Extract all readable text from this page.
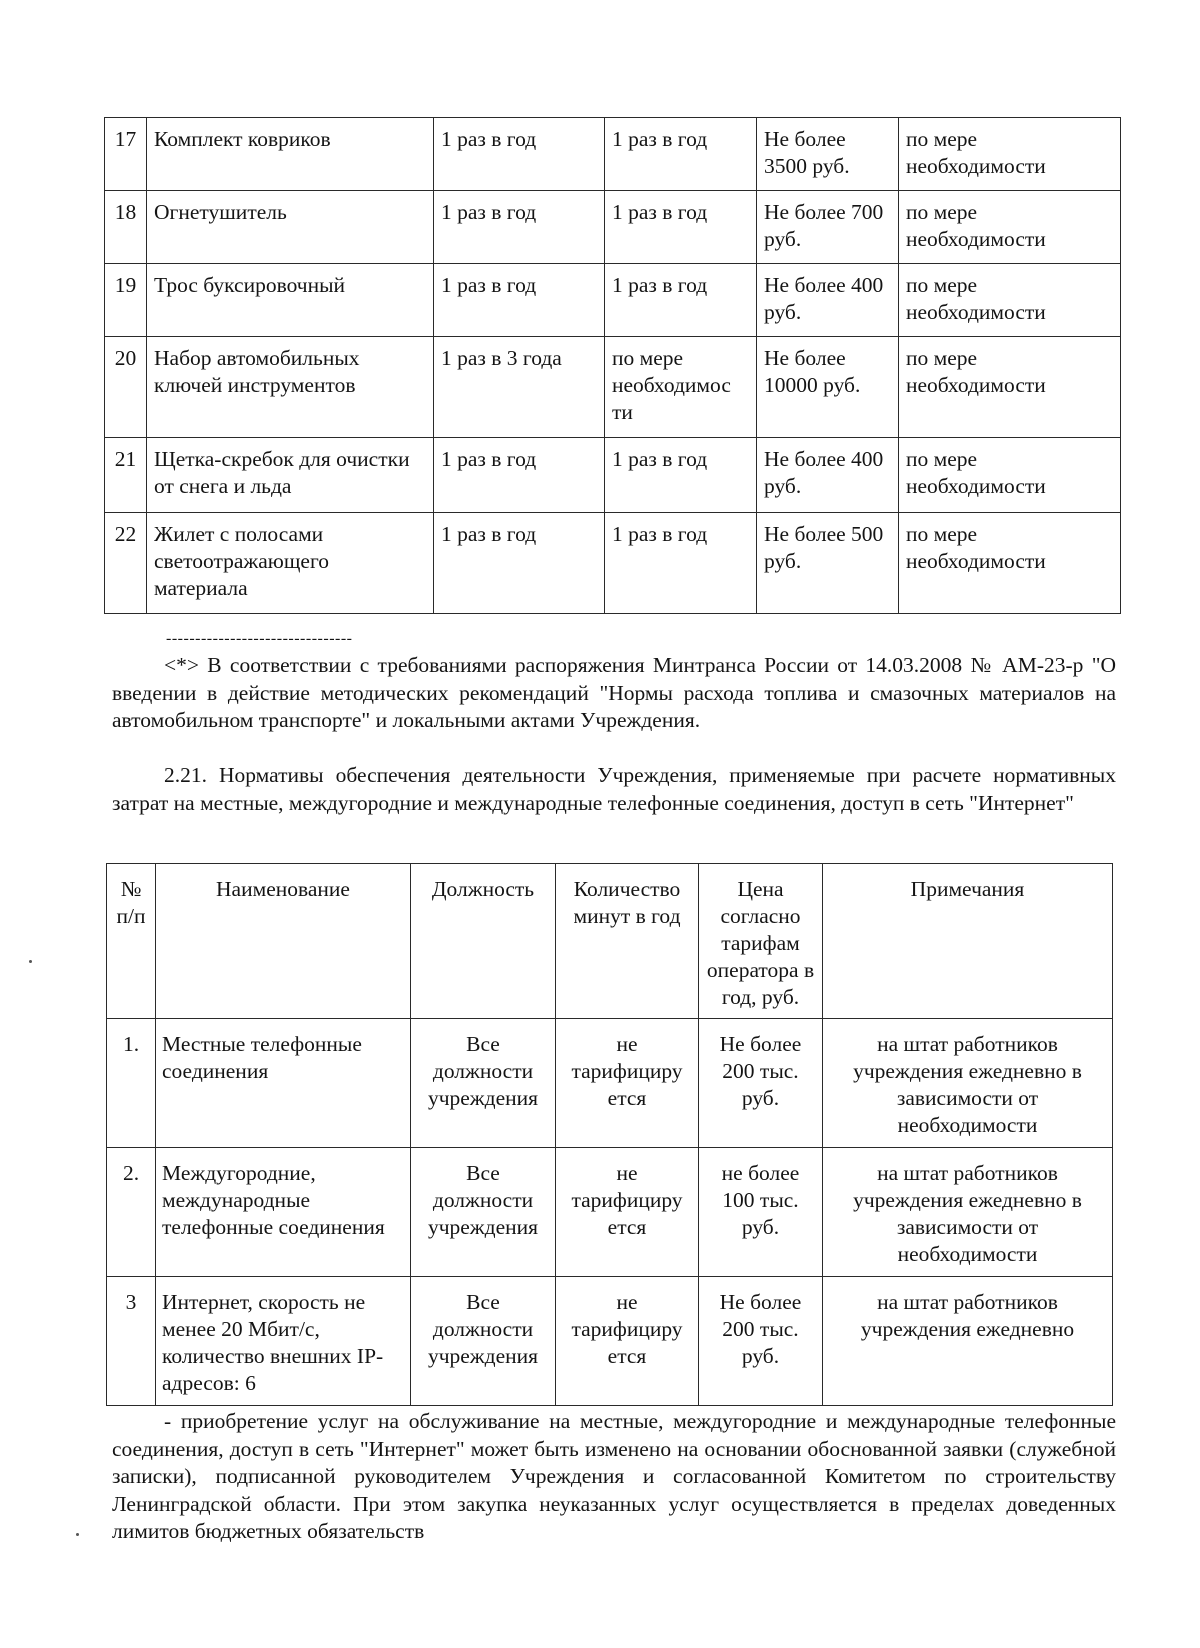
17	Комплект ковриков	1 раз в год	1 раз в год	Не более 3500 руб.	по мере необходимости
18	Огнетушитель	1 раз в год	1 раз в год	Не более 700 руб.	по мере необходимости
19	Трос буксировочный	1 раз в год	1 раз в год	Не более 400 руб.	по мере необходимости
20	Набор автомобильных ключей инструментов	1 раз в 3 года	по мере необходимос ти	Не более 10000 руб.	по мере необходимости
21	Щетка-скребок для очистки от снега и льда	1 раз в год	1 раз в год	Не более 400 руб.	по мере необходимости
22	Жилет с полосами светоотражающего материала	1 раз в год	1 раз в год	Не более 500 руб.	по мере необходимости
--------------------------------
<*> В соответствии с требованиями распоряжения Минтранса России от 14.03.2008 № АМ-23-р "О введении в действие методических рекомендаций "Нормы расхода топлива и смазочных материалов на автомобильном транспорте" и локальными актами Учреждения.
2.21. Нормативы обеспечения деятельности Учреждения, применяемые при расчете нормативных затрат на местные, междугородние и международные телефонные соединения, доступ в сеть "Интернет"
№ п/п	Наименование	Должность	Количество минут в год	Цена согласно тарифам оператора в год, руб.	Примечания
1.	Местные телефонные соединения	Все должности учреждения	не тарифициру ется	Не более 200 тыс. руб.	на штат работников учреждения ежедневно в зависимости от необходимости
2.	Междугородние, международные телефонные соединения	Все должности учреждения	не тарифициру ется	не более 100 тыс. руб.	на штат работников учреждения ежедневно в зависимости от необходимости
3	Интернет, скорость не менее 20 Мбит/с, количество внешних IP-адресов: 6	Все должности учреждения	не тарифициру ется	Не более 200 тыс. руб.	на штат работников учреждения ежедневно
- приобретение услуг на обслуживание на местные, междугородние и международные телефонные соединения, доступ в сеть "Интернет" может быть изменено на основании обоснованной заявки (служебной записки), подписанной руководителем Учреждения и согласованной Комитетом по строительству Ленинградской области. При этом закупка неуказанных услуг осуществляется в пределах доведенных лимитов бюджетных обязательств
